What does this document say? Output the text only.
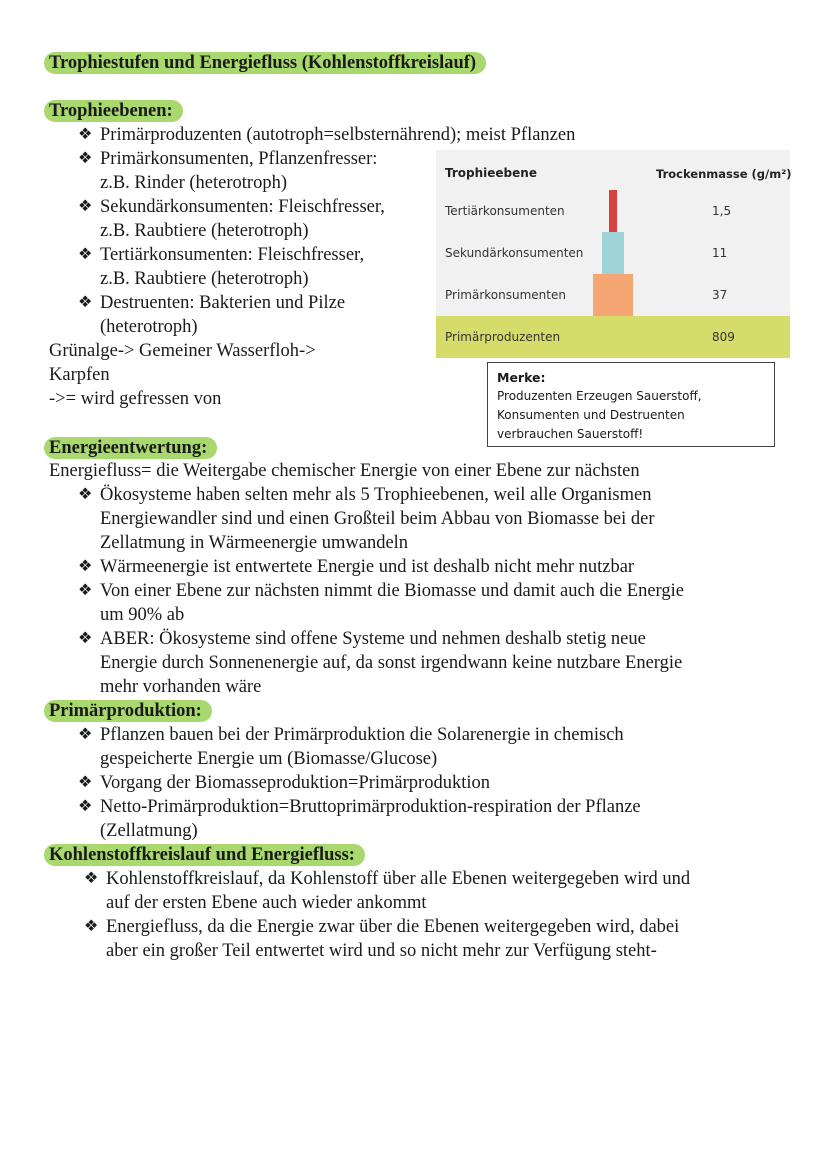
Trophiestufen und Energiefluss (Kohlenstoffkreislauf)
Trophieebenen:
❖ Primärproduzenten (autotroph=selbsternährend); meist Pflanzen
❖ Primärkonsumenten, Pflanzenfresser:
z.B. Rinder (heterotroph)
❖ Sekundärkonsumenten: Fleischfresser,
z.B. Raubtiere (heterotroph)
❖ Tertiärkonsumenten: Fleischfresser,
z.B. Raubtiere (heterotroph)
❖ Destruenten: Bakterien und Pilze
(heterotroph)
Grünalge-> Gemeiner Wasserfloh->
Karpfen
->= wird gefressen von
Trophieebene	Trockenmasse (g/m²)
Tertiärkonsumenten	1,5
Sekundärkonsumenten	11
Primärkonsumenten	37
Primärproduzenten	809
Merke:
Produzenten Erzeugen Sauerstoff,
Konsumenten und Destruenten
verbrauchen Sauerstoff!
Energieentwertung:
Energiefluss= die Weitergabe chemischer Energie von einer Ebene zur nächsten
❖ Ökosysteme haben selten mehr als 5 Trophieebenen, weil alle Organismen
Energiewandler sind und einen Großteil beim Abbau von Biomasse bei der
Zellatmung in Wärmeenergie umwandeln
❖ Wärmeenergie ist entwertete Energie und ist deshalb nicht mehr nutzbar
❖ Von einer Ebene zur nächsten nimmt die Biomasse und damit auch die Energie
um 90% ab
❖ ABER: Ökosysteme sind offene Systeme und nehmen deshalb stetig neue
Energie durch Sonnenenergie auf, da sonst irgendwann keine nutzbare Energie
mehr vorhanden wäre
Primärproduktion:
❖ Pflanzen bauen bei der Primärproduktion die Solarenergie in chemisch
gespeicherte Energie um (Biomasse/Glucose)
❖ Vorgang der Biomasseproduktion=Primärproduktion
❖ Netto-Primärproduktion=Bruttoprimärproduktion-respiration der Pflanze
(Zellatmung)
Kohlenstoffkreislauf und Energiefluss:
❖ Kohlenstoffkreislauf, da Kohlenstoff über alle Ebenen weitergegeben wird und
auf der ersten Ebene auch wieder ankommt
❖ Energiefluss, da die Energie zwar über die Ebenen weitergegeben wird, dabei
aber ein großer Teil entwertet wird und so nicht mehr zur Verfügung steht-
